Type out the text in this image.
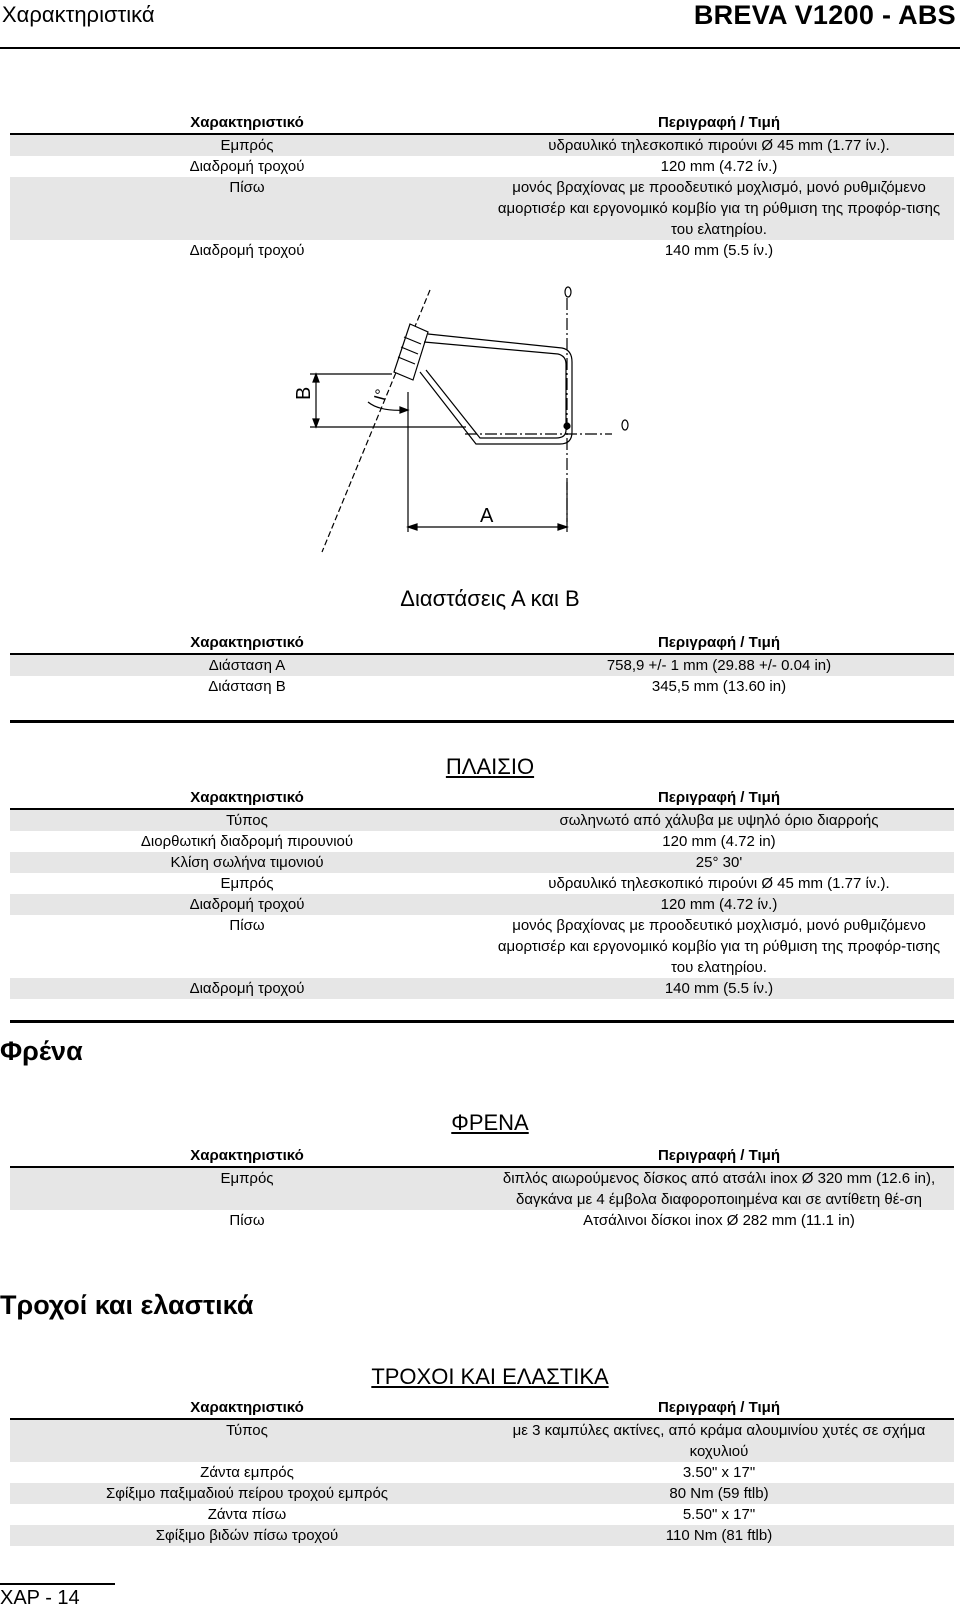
Χαρακτηριστικά	BREVA V1200 - ABS
Χαρακτηριστικό	Περιγραφή / Τιμή
Εμπρός	υδραυλικό τηλεσκοπικό πιρούνι Ø 45 mm (1.77 ίν.).
Διαδρομή τροχού	120 mm (4.72 ίν.)
Πίσω	μονός βραχίονας με προοδευτικό μοχλισμό, μονό ρυθμιζόμενο αμορτισέρ και εργονομικό κομβίο για τη ρύθμιση της προφόρ-τισης του ελατηρίου.
Διαδρομή τροχού	140 mm (5.5 ίν.)
B	I°
A
Διαστάσεις Α και Β
Χαρακτηριστικό	Περιγραφή / Τιμή
Διάσταση Α	758,9 +/- 1 mm (29.88 +/- 0.04 in)
Διάσταση Β	345,5 mm (13.60 in)
ΠΛΑΙΣΙΟ
Χαρακτηριστικό	Περιγραφή / Τιμή
Τύπος	σωληνωτό από χάλυβα με υψηλό όριο διαρροής
Διορθωτική διαδρομή πιρουνιού	120 mm (4.72 in)
Κλίση σωλήνα τιμονιού	25° 30'
Εμπρός	υδραυλικό τηλεσκοπικό πιρούνι Ø 45 mm (1.77 ίν.).
Διαδρομή τροχού	120 mm (4.72 ίν.)
Πίσω	μονός βραχίονας με προοδευτικό μοχλισμό, μονό ρυθμιζόμενο αμορτισέρ και εργονομικό κομβίο για τη ρύθμιση της προφόρ-τισης του ελατηρίου.
Διαδρομή τροχού	140 mm (5.5 ίν.)
Φρένα
ΦΡΕΝΑ
Χαρακτηριστικό	Περιγραφή / Τιμή
Εμπρός	διπλός αιωρούμενος δίσκος από ατσάλι inox Ø 320 mm (12.6 in), δαγκάνα με 4 έμβολα διαφοροποιημένα και σε αντίθετη θέ-ση
Πίσω	Ατσάλινοι δίσκοι inox Ø 282 mm (11.1 in)
Τροχοί και ελαστικά
ΤΡΟΧΟΙ ΚΑΙ ΕΛΑΣΤΙΚΑ
Χαρακτηριστικό	Περιγραφή / Τιμή
Τύπος	με 3 καμπύλες ακτίνες, από κράμα αλουμινίου χυτές σε σχήμα κοχυλιού
Ζάντα εμπρός	3.50" x 17"
Σφίξιμο παξιμαδιού πείρου τροχού εμπρός	80 Nm (59 ftlb)
Ζάντα πίσω	5.50" x 17"
Σφίξιμο βιδών πίσω τροχού	110 Nm (81 ftlb)
ΧΑΡ - 14
